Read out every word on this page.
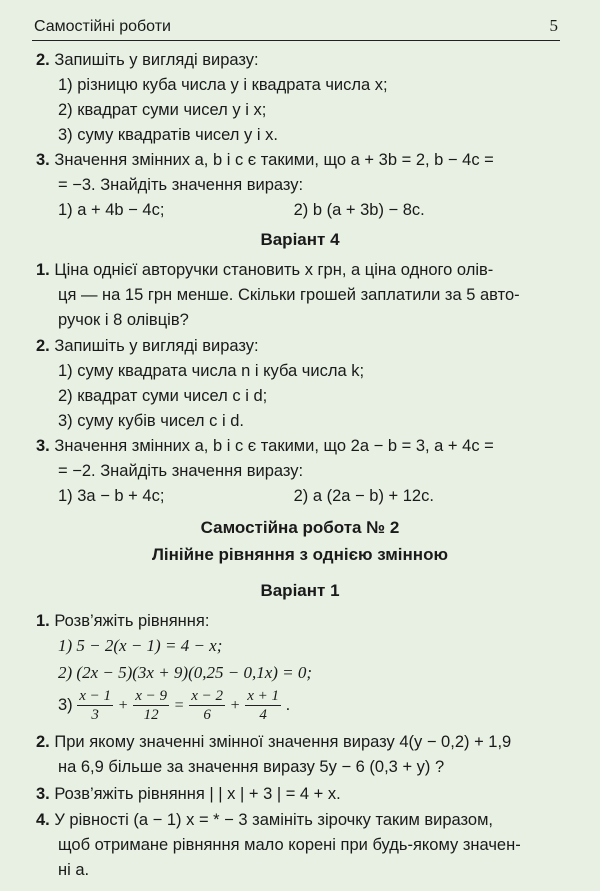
Самостійні роботи	5
2. Запишіть у вигляді виразу:
1) різницю куба числа у і квадрата числа х;
2) квадрат суми чисел у і х;
3) суму квадратів чисел у і х.
3. Значення змінних а, b і с є такими, що а + 3b = 2, b − 4c =
= −3. Знайдіть значення виразу:
1) а + 4b − 4c;	2) b (а + 3b) − 8c.
Варіант 4
1. Ціна однієї авторучки становить х грн, а ціна одного олів-
ця — на 15 грн менше. Скільки грошей заплатили за 5 авто-
ручок і 8 олівців?
2. Запишіть у вигляді виразу:
1) суму квадрата числа n і куба числа k;
2) квадрат суми чисел с і d;
3) суму кубів чисел с і d.
3. Значення змінних а, b і с є такими, що 2а − b = 3, а + 4c =
= −2. Знайдіть значення виразу:
1) 3а − b + 4c;	2) а (2а − b) + 12c.
Самостійна робота № 2
Лінійне рівняння з однією змінною
Варіант 1
1. Розв’яжіть рівняння:
1) 5 − 2(х − 1) = 4 − х;
2) (2х − 5)(3х + 9)(0,25 − 0,1х) = 0;
$3) \frac{x - 1}{3} + \frac{x - 9}{12} = \frac{x - 2}{6} + \frac{x + 1}{4}$ .
2. При якому значенні змінної значення виразу 4(у − 0,2) + 1,9
на 6,9 більше за значення виразу 5у − 6 (0,3 + у) ?
3. Розв’яжіть рівняння | | х | + 3 | = 4 + х.
4. У рівності (а − 1) х = * − 3 замініть зірочку таким виразом,
щоб отримане рівняння мало корені при будь-якому значен-
ні а.
